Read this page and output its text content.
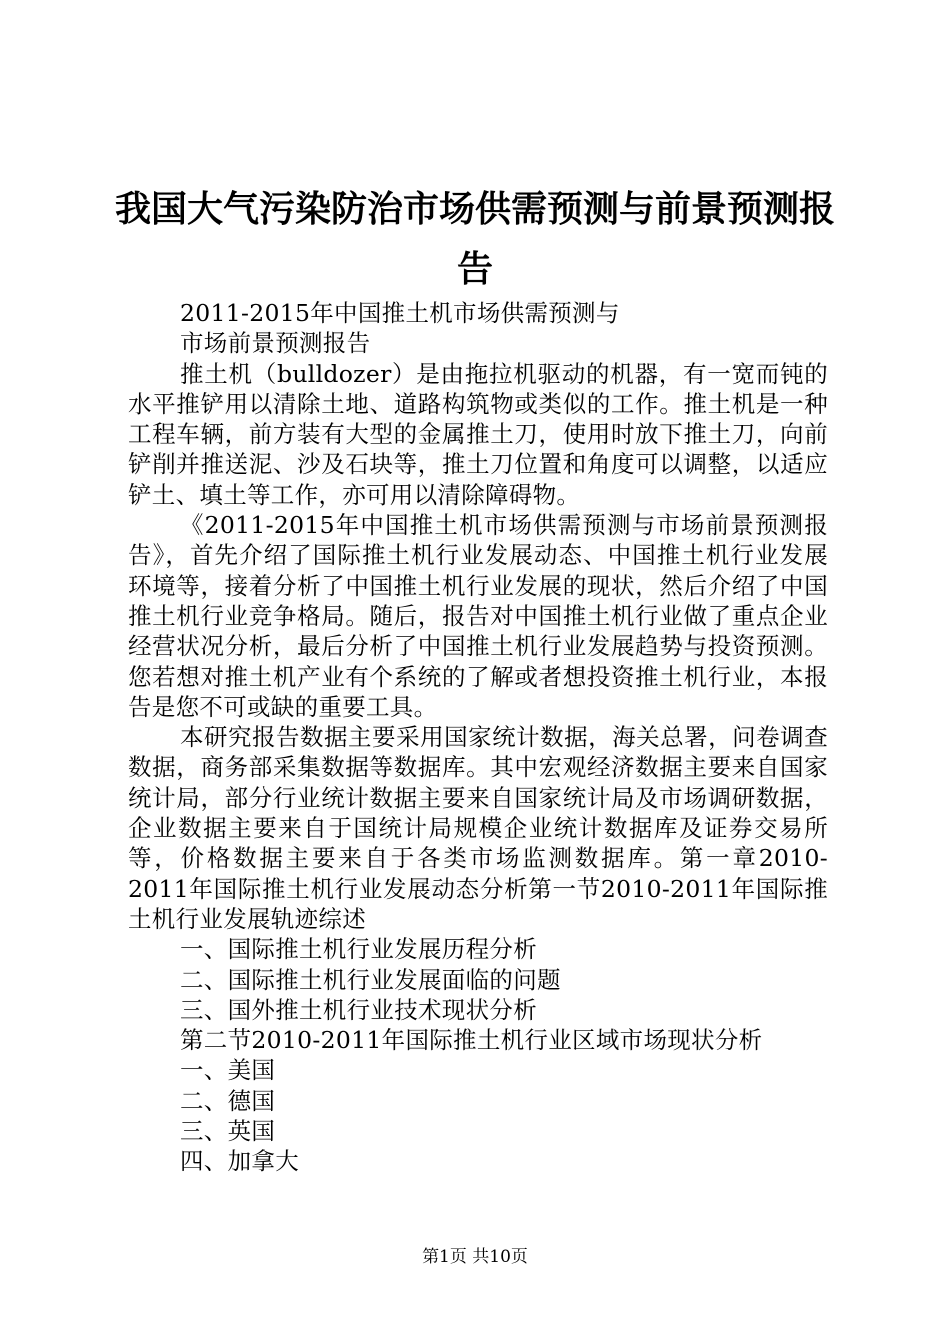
我国大气污染防治市场供需预测与前景预测报
告

2011-2015年中国推土机市场供需预测与

市场前景预测报告

推土机（bulldozer）是由拖拉机驱动的机器，有一宽而钝的水平推铲用以清除土地、道路构筑物或类似的工作。推土机是一种工程车辆，前方装有大型的金属推土刀，使用时放下推土刀，向前铲削并推送泥、沙及石块等，推土刀位置和角度可以调整，以适应铲土、填土等工作，亦可用以清除障碍物。

《2011-2015年中国推土机市场供需预测与市场前景预测报告》，首先介绍了国际推土机行业发展动态、中国推土机行业发展环境等，接着分析了中国推土机行业发展的现状，然后介绍了中国推土机行业竞争格局。随后，报告对中国推土机行业做了重点企业经营状况分析，最后分析了中国推土机行业发展趋势与投资预测。您若想对推土机产业有个系统的了解或者想投资推土机行业，本报告是您不可或缺的重要工具。

本研究报告数据主要采用国家统计数据，海关总署，问卷调查数据，商务部采集数据等数据库。其中宏观经济数据主要来自国家统计局，部分行业统计数据主要来自国家统计局及市场调研数据，企业数据主要来自于国统计局规模企业统计数据库及证券交易所等，价格数据主要来自于各类市场监测数据库。第一章2010-2011年国际推土机行业发展动态分析第一节2010-2011年国际推土机行业发展轨迹综述

一、国际推土机行业发展历程分析

二、国际推土机行业发展面临的问题

三、国外推土机行业技术现状分析

第二节2010-2011年国际推土机行业区域市场现状分析

一、美国

二、德国

三、英国

四、加拿大

第1页 共10页
